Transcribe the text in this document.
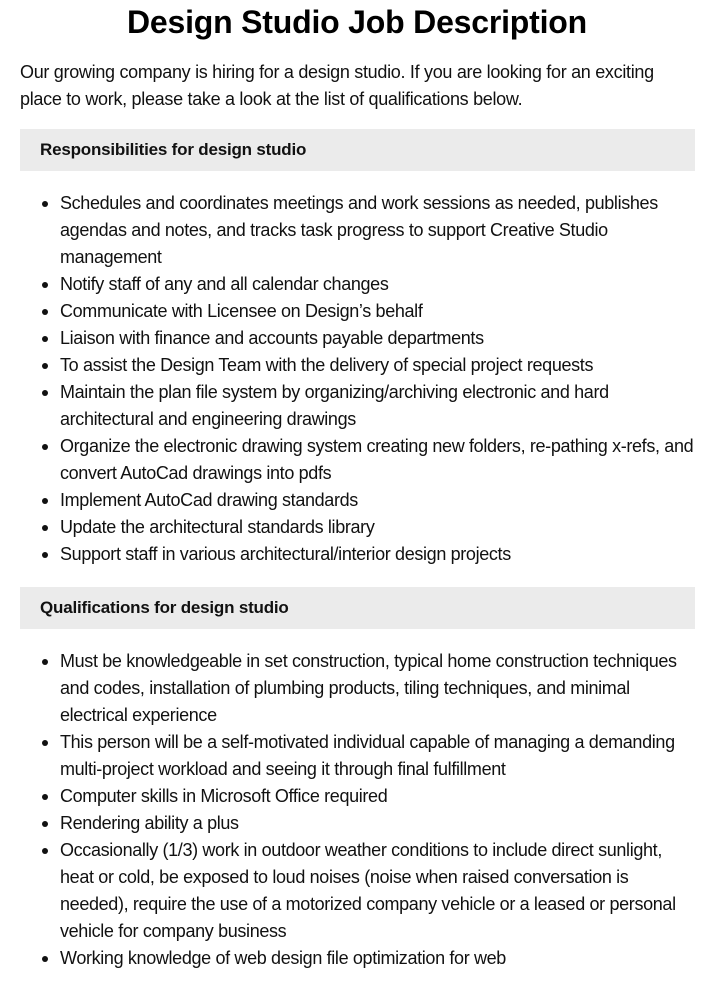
Design Studio Job Description

Our growing company is hiring for a design studio. If you are looking for an exciting place to work, please take a look at the list of qualifications below.

Responsibilities for design studio
Schedules and coordinates meetings and work sessions as needed, publishes agendas and notes, and tracks task progress to support Creative Studio management
Notify staff of any and all calendar changes
Communicate with Licensee on Design’s behalf
Liaison with finance and accounts payable departments
To assist the Design Team with the delivery of special project requests
Maintain the plan file system by organizing/archiving electronic and hard architectural and engineering drawings
Organize the electronic drawing system creating new folders, re-pathing x-refs, and convert AutoCad drawings into pdfs
Implement AutoCad drawing standards
Update the architectural standards library
Support staff in various architectural/interior design projects
Qualifications for design studio
Must be knowledgeable in set construction, typical home construction techniques and codes, installation of plumbing products, tiling techniques, and minimal electrical experience
This person will be a self-motivated individual capable of managing a demanding multi-project workload and seeing it through final fulfillment
Computer skills in Microsoft Office required
Rendering ability a plus
Occasionally (1/3) work in outdoor weather conditions to include direct sunlight, heat or cold, be exposed to loud noises (noise when raised conversation is needed), require the use of a motorized company vehicle or a leased or personal vehicle for company business
Working knowledge of web design file optimization for web
